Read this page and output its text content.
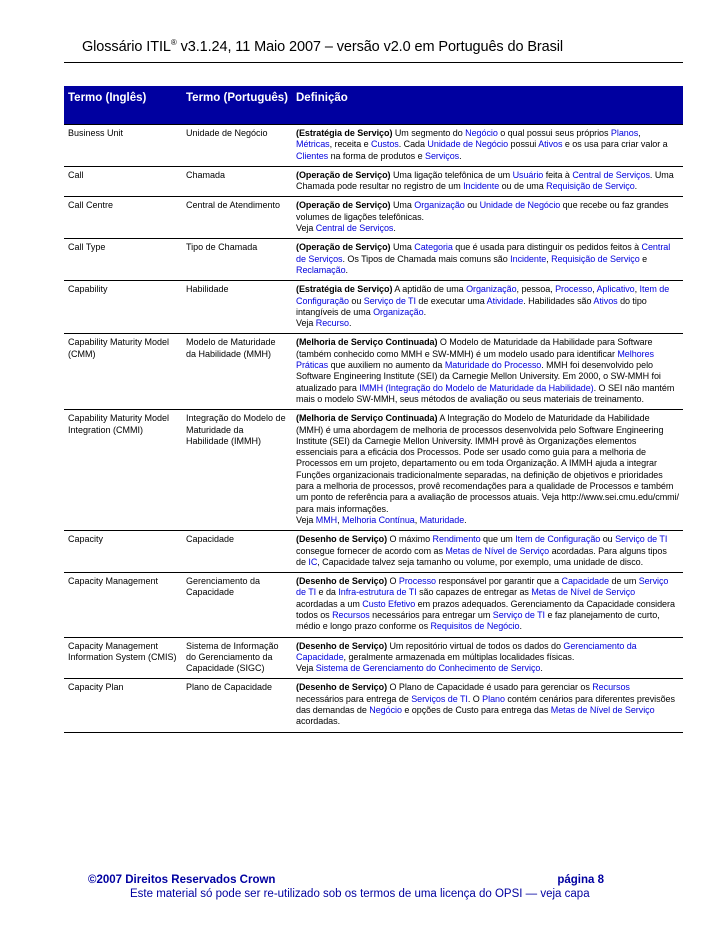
Glossário ITIL® v3.1.24, 11 Maio 2007 – versão v2.0 em Português do Brasil
Termo (Inglês)	Termo (Português)	Definição
Business Unit	Unidade de Negócio	(Estratégia de Serviço) Um segmento do Negócio o qual possui seus próprios Planos, Métricas, receita e Custos. Cada Unidade de Negócio possui Ativos e os usa para criar valor a Clientes na forma de produtos e Serviços.
Call	Chamada	(Operação de Serviço) Uma ligação telefônica de um Usuário feita à Central de Serviços. Uma Chamada pode resultar no registro de um Incidente ou de uma Requisição de Serviço.
Call Centre	Central de Atendimento	(Operação de Serviço) Uma Organização ou Unidade de Negócio que recebe ou faz grandes volumes de ligações telefônicas.
Veja Central de Serviços.
Call Type	Tipo de Chamada	(Operação de Serviço) Uma Categoria que é usada para distinguir os pedidos feitos à Central de Serviços. Os Tipos de Chamada mais comuns são Incidente, Requisição de Serviço e Reclamação.
Capability	Habilidade	(Estratégia de Serviço) A aptidão de uma Organização, pessoa, Processo, Aplicativo, Item de Configuração ou Serviço de TI de executar uma Atividade. Habilidades são Ativos do tipo intangíveis de uma Organização.
Veja Recurso.
Capability Maturity Model (CMM)	Modelo de Maturidade da Habilidade (MMH)	(Melhoria de Serviço Continuada) O Modelo de Maturidade da Habilidade para Software (também conhecido como MMH e SW-MMH) é um modelo usado para identificar Melhores Práticas que auxiliem no aumento da Maturidade do Processo. MMH foi desenvolvido pelo Software Engineering Institute (SEI) da Carnegie Mellon University. Em 2000, o SW-MMH foi atualizado para IMMH (Integração do Modelo de Maturidade da Habilidade). O SEI não mantém mais o modelo SW-MMH, seus métodos de avaliação ou seus materiais de treinamento.
Capability Maturity Model Integration (CMMI)	Integração do Modelo de Maturidade da Habilidade (IMMH)	(Melhoria de Serviço Continuada) A Integração do Modelo de Maturidade da Habilidade (MMH) é uma abordagem de melhoria de processos desenvolvida pelo Software Engineering Institute (SEI) da Carnegie Mellon University. IMMH provê às Organizações elementos essenciais para a eficácia dos Processos. Pode ser usado como guia para a melhoria de Processos em um projeto, departamento ou em toda Organização. A IMMH ajuda a integrar Funções organizacionais tradicionalmente separadas, na definição de objetivos e prioridades para a melhoria de processos, provê recomendações para a qualidade de Processos e também um ponto de referência para a avaliação de processos atuais. Veja http://www.sei.cmu.edu/cmmi/ para mais informações.
Veja MMH, Melhoria Contínua, Maturidade.
Capacity	Capacidade	(Desenho de Serviço) O máximo Rendimento que um Item de Configuração ou Serviço de TI consegue fornecer de acordo com as Metas de Nível de Serviço acordadas. Para alguns tipos de IC, Capacidade talvez seja tamanho ou volume, por exemplo, uma unidade de disco.
Capacity Management	Gerenciamento da Capacidade	(Desenho de Serviço) O Processo responsável por garantir que a Capacidade de um Serviço de TI e da Infra-estrutura de TI são capazes de entregar as Metas de Nível de Serviço acordadas a um Custo Efetivo em prazos adequados. Gerenciamento da Capacidade considera todos os Recursos necessários para entregar um Serviço de TI e faz planejamento de curto, médio e longo prazo conforme os Requisitos de Negócio.
Capacity Management Information System (CMIS)	Sistema de Informação do Gerenciamento da Capacidade (SIGC)	(Desenho de Serviço) Um repositório virtual de todos os dados do Gerenciamento da Capacidade, geralmente armazenada em múltiplas localidades físicas.
Veja Sistema de Gerenciamento do Conhecimento de Serviço.
Capacity Plan	Plano de Capacidade	(Desenho de Serviço) O Plano de Capacidade é usado para gerenciar os Recursos necessários para entrega de Serviços de TI. O Plano contém cenários para diferentes previsões das demandas de Negócio e opções de Custo para entrega das Metas de Nível de Serviço acordadas.
©2007 Direitos Reservados Crown	página 8
Este material só pode ser re-utilizado sob os termos de uma licença do OPSI — veja capa
